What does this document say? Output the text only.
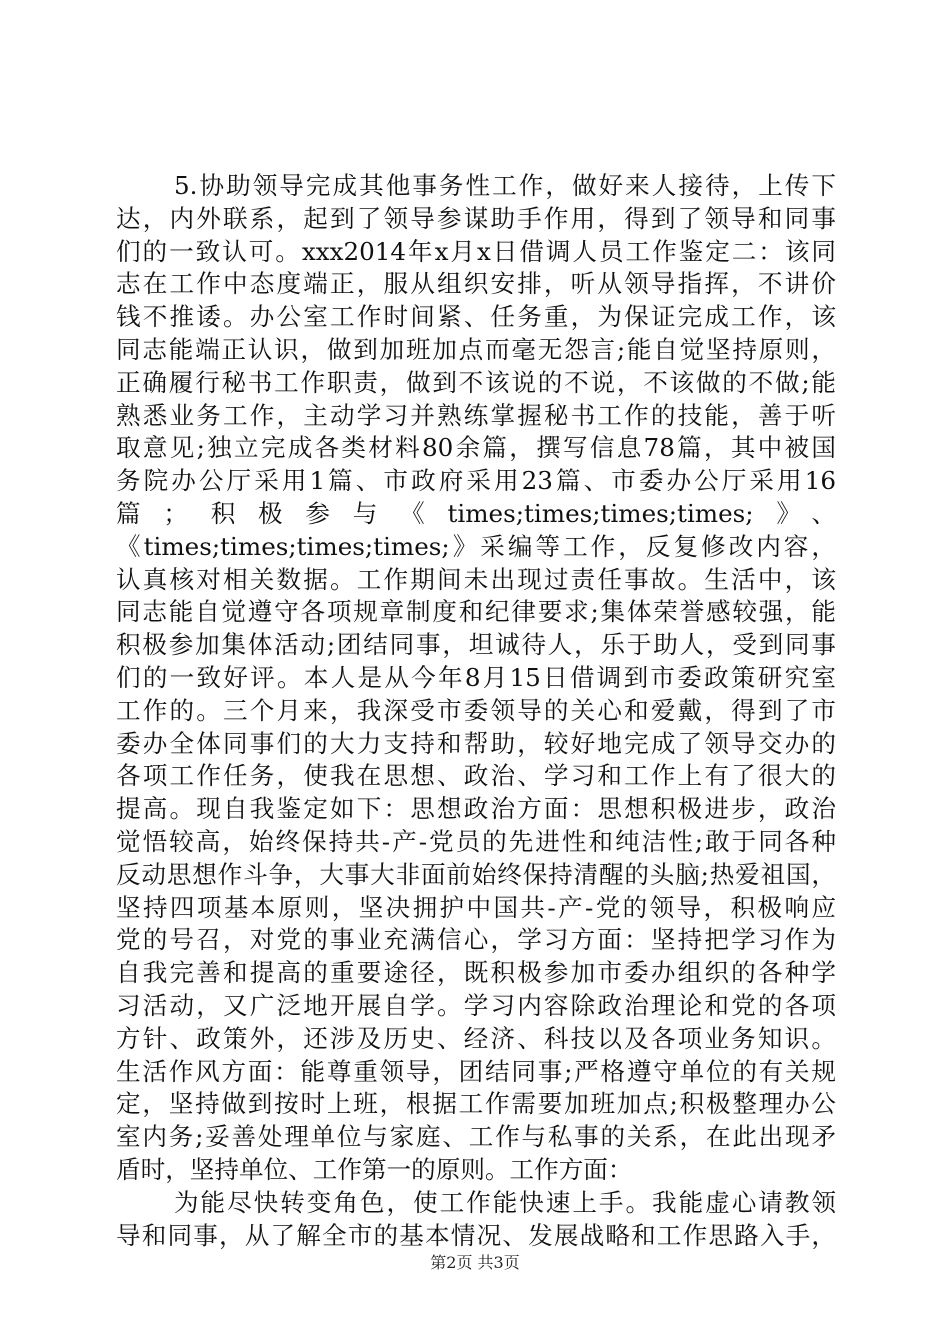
5.协助领导完成其他事务性工作，做好来人接待，上传下
达，内外联系，起到了领导参谋助手作用，得到了领导和同事
们的一致认可。xxx2014年x月x日借调人员工作鉴定二：该同
志在工作中态度端正，服从组织安排，听从领导指挥，不讲价
钱不推诿。办公室工作时间紧、任务重，为保证完成工作，该
同志能端正认识，做到加班加点而毫无怨言;能自觉坚持原则，
正确履行秘书工作职责，做到不该说的不说，不该做的不做;能
熟悉业务工作，主动学习并熟练掌握秘书工作的技能，善于听
取意见;独立完成各类材料80余篇，撰写信息78篇，其中被国
务院办公厅采用1篇、市政府采用23篇、市委办公厅采用16
篇；积极参与《times;times;times;times;》、
《times;times;times;times;》采编等工作，反复修改内容，
认真核对相关数据。工作期间未出现过责任事故。生活中，该
同志能自觉遵守各项规章制度和纪律要求;集体荣誉感较强，能
积极参加集体活动;团结同事，坦诚待人，乐于助人，受到同事
们的一致好评。本人是从今年8月15日借调到市委政策研究室
工作的。三个月来，我深受市委领导的关心和爱戴，得到了市
委办全体同事们的大力支持和帮助，较好地完成了领导交办的
各项工作任务，使我在思想、政治、学习和工作上有了很大的
提高。现自我鉴定如下：思想政治方面：思想积极进步，政治
觉悟较高，始终保持共-产-党员的先进性和纯洁性;敢于同各种
反动思想作斗争，大事大非面前始终保持清醒的头脑;热爱祖国，
坚持四项基本原则，坚决拥护中国共-产-党的领导，积极响应
党的号召，对党的事业充满信心，学习方面：坚持把学习作为
自我完善和提高的重要途径，既积极参加市委办组织的各种学
习活动，又广泛地开展自学。学习内容除政治理论和党的各项
方针、政策外，还涉及历史、经济、科技以及各项业务知识。
生活作风方面：能尊重领导，团结同事;严格遵守单位的有关规
定，坚持做到按时上班，根据工作需要加班加点;积极整理办公
室内务;妥善处理单位与家庭、工作与私事的关系，在此出现矛
盾时，坚持单位、工作第一的原则。工作方面：
为能尽快转变角色，使工作能快速上手。我能虚心请教领
导和同事，从了解全市的基本情况、发展战略和工作思路入手，
第2页 共3页
